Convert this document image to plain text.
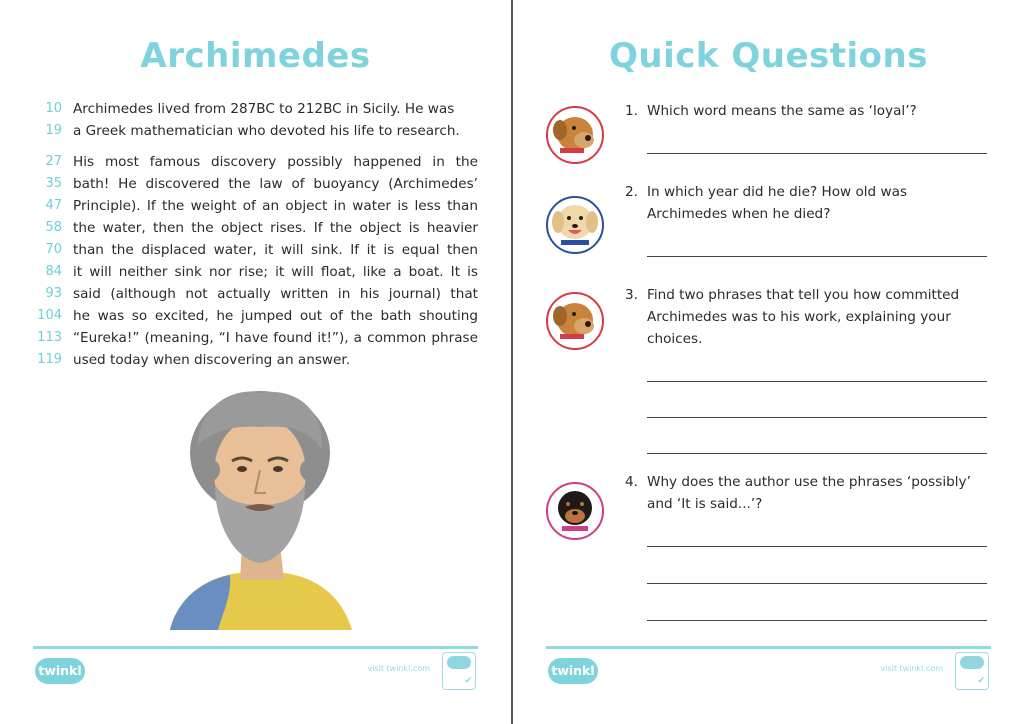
Archimedes
10 Archimedes lived from 287BC to 212BC in Sicily. He was
19 a Greek mathematician who devoted his life to research.
27 His most famous discovery possibly happened in the
35 bath! He discovered the law of buoyancy (Archimedes’
47 Principle). If the weight of an object in water is less than
58 the water, then the object rises. If the object is heavier
70 than the displaced water, it will sink. If it is equal then
84 it will neither sink nor rise; it will float, like a boat. It is
93 said (although not actually written in his journal) that
104 he was so excited, he jumped out of the bath shouting
113 “Eureka!” (meaning, “I have found it!”), a common phrase
119 used today when discovering an answer.
twinkl	visit twinkl.com
✔
Quick Questions
1. Which word means the same as ‘loyal’?
2. In which year did he die? How old was
Archimedes when he died?
3. Find two phrases that tell you how committed
Archimedes was to his work, explaining your
choices.
4. Why does the author use the phrases ‘possibly’
and ‘It is said...’?
twinkl	visit twinkl.com
✔
